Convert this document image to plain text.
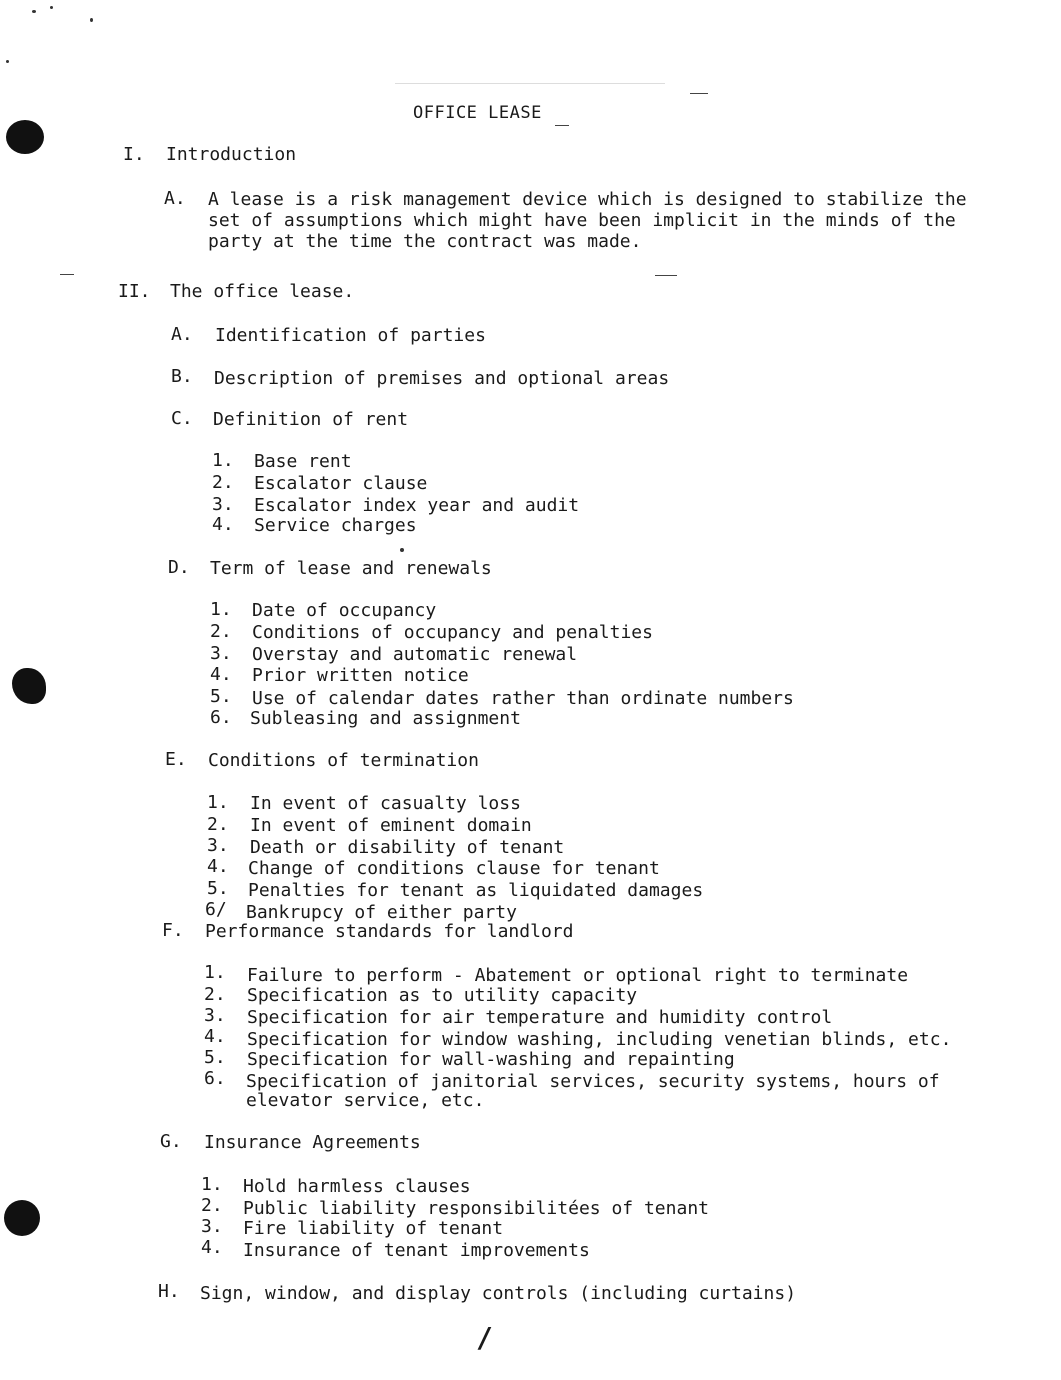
OFFICE LEASE
I. Introduction
A. A lease is a risk management device which is designed to stabilize the
set of assumptions which might have been implicit in the minds of the
party at the time the contract was made.
II. The office lease.
A. Identification of parties
B. Description of premises and optional areas
C. Definition of rent
1. Base rent
2. Escalator clause
3. Escalator index year and audit
4. Service charges
D. Term of lease and renewals
1. Date of occupancy
2. Conditions of occupancy and penalties
3. Overstay and automatic renewal
4. Prior written notice
5. Use of calendar dates rather than ordinate numbers
6. Subleasing and assignment
E. Conditions of termination
1. In event of casualty loss
2. In event of eminent domain
3. Death or disability of tenant
4. Change of conditions clause for tenant
5. Penalties for tenant as liquidated damages
6/ Bankrupcy of either party
F. Performance standards for landlord
1. Failure to perform - Abatement or optional right to terminate
2. Specification as to utility capacity
3. Specification for air temperature and humidity control
4. Specification for window washing, including venetian blinds, etc.
5. Specification for wall-washing and repainting
6. Specification of janitorial services, security systems, hours of
elevator service, etc.
G. Insurance Agreements
1. Hold harmless clauses
2. Public liability responsibilitées of tenant
3. Fire liability of tenant
4. Insurance of tenant improvements
H. Sign, window, and display controls (including curtains)
/
